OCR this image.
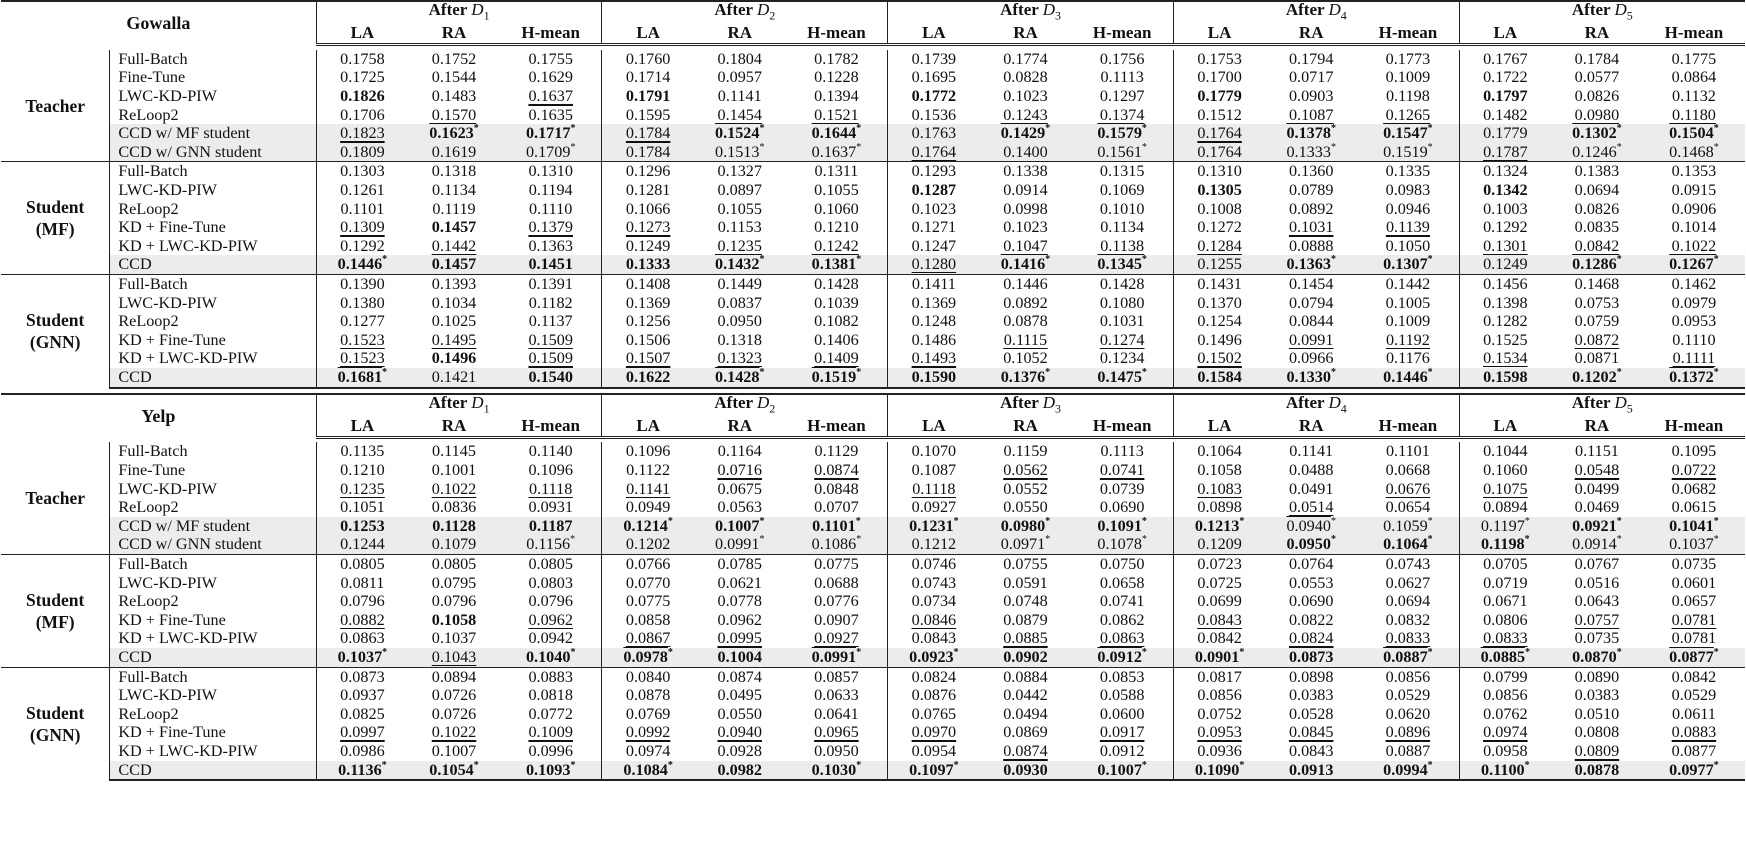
Gowalla		After $D_1$			After $D_2$			After $D_3$			After $D_4$			After $D_5$
		LA	RA	H-mean	LA	RA	H-mean	LA	RA	H-mean	LA	RA	H-mean	LA	RA	H-mean

Teacher	Full-Batch	0.1758	0.1752	0.1755	0.1760	0.1804	0.1782	0.1739	0.1774	0.1756	0.1753	0.1794	0.1773	0.1767	0.1784	0.1775
	Fine-Tune	0.1725	0.1544	0.1629	0.1714	0.0957	0.1228	0.1695	0.0828	0.1113	0.1700	0.0717	0.1009	0.1722	0.0577	0.0864
	LWC-KD-PIW	0.1826	0.1483	0.1637	0.1791	0.1141	0.1394	0.1772	0.1023	0.1297	0.1779	0.0903	0.1198	0.1797	0.0826	0.1132
	ReLoop2	0.1706	0.1570	0.1635	0.1595	0.1454	0.1521	0.1536	0.1243	0.1374	0.1512	0.1087	0.1265	0.1482	0.0980	0.1180
	CCD w/ MF student	0.1823	0.1623*	0.1717*	0.1784	0.1524*	0.1644*	0.1763	0.1429*	0.1579*	0.1764	0.1378*	0.1547*	0.1779	0.1302*	0.1504*
	CCD w/ GNN student	0.1809	0.1619	0.1709*	0.1784	0.1513*	0.1637*	0.1764	0.1400	0.1561*	0.1764	0.1333*	0.1519*	0.1787	0.1246*	0.1468*

Student
(MF)	Full-Batch	0.1303	0.1318	0.1310	0.1296	0.1327	0.1311	0.1293	0.1338	0.1315	0.1310	0.1360	0.1335	0.1324	0.1383	0.1353
	LWC-KD-PIW	0.1261	0.1134	0.1194	0.1281	0.0897	0.1055	0.1287	0.0914	0.1069	0.1305	0.0789	0.0983	0.1342	0.0694	0.0915
	ReLoop2	0.1101	0.1119	0.1110	0.1066	0.1055	0.1060	0.1023	0.0998	0.1010	0.1008	0.0892	0.0946	0.1003	0.0826	0.0906
	KD + Fine-Tune	0.1309	0.1457	0.1379	0.1273	0.1153	0.1210	0.1271	0.1023	0.1134	0.1272	0.1031	0.1139	0.1292	0.0835	0.1014
	KD + LWC-KD-PIW	0.1292	0.1442	0.1363	0.1249	0.1235	0.1242	0.1247	0.1047	0.1138	0.1284	0.0888	0.1050	0.1301	0.0842	0.1022
	CCD	0.1446*	0.1457	0.1451	0.1333	0.1432*	0.1381*	0.1280	0.1416*	0.1345*	0.1255	0.1363*	0.1307*	0.1249	0.1286*	0.1267*

Student
(GNN)	Full-Batch	0.1390	0.1393	0.1391	0.1408	0.1449	0.1428	0.1411	0.1446	0.1428	0.1431	0.1454	0.1442	0.1456	0.1468	0.1462
	LWC-KD-PIW	0.1380	0.1034	0.1182	0.1369	0.0837	0.1039	0.1369	0.0892	0.1080	0.1370	0.0794	0.1005	0.1398	0.0753	0.0979
	ReLoop2	0.1277	0.1025	0.1137	0.1256	0.0950	0.1082	0.1248	0.0878	0.1031	0.1254	0.0844	0.1009	0.1282	0.0759	0.0953
	KD + Fine-Tune	0.1523	0.1495	0.1509	0.1506	0.1318	0.1406	0.1486	0.1115	0.1274	0.1496	0.0991	0.1192	0.1525	0.0872	0.1110
	KD + LWC-KD-PIW	0.1523	0.1496	0.1509	0.1507	0.1323	0.1409	0.1493	0.1052	0.1234	0.1502	0.0966	0.1176	0.1534	0.0871	0.1111
	CCD	0.1681*	0.1421	0.1540	0.1622	0.1428*	0.1519*	0.1590	0.1376*	0.1475*	0.1584	0.1330*	0.1446*	0.1598	0.1202*	0.1372*
Yelp		After $D_1$			After $D_2$			After $D_3$			After $D_4$			After $D_5$
		LA	RA	H-mean	LA	RA	H-mean	LA	RA	H-mean	LA	RA	H-mean	LA	RA	H-mean

Teacher	Full-Batch	0.1135	0.1145	0.1140	0.1096	0.1164	0.1129	0.1070	0.1159	0.1113	0.1064	0.1141	0.1101	0.1044	0.1151	0.1095
	Fine-Tune	0.1210	0.1001	0.1096	0.1122	0.0716	0.0874	0.1087	0.0562	0.0741	0.1058	0.0488	0.0668	0.1060	0.0548	0.0722
	LWC-KD-PIW	0.1235	0.1022	0.1118	0.1141	0.0675	0.0848	0.1118	0.0552	0.0739	0.1083	0.0491	0.0676	0.1075	0.0499	0.0682
	ReLoop2	0.1051	0.0836	0.0931	0.0949	0.0563	0.0707	0.0927	0.0550	0.0690	0.0898	0.0514	0.0654	0.0894	0.0469	0.0615
	CCD w/ MF student	0.1253	0.1128	0.1187	0.1214*	0.1007*	0.1101*	0.1231*	0.0980*	0.1091*	0.1213*	0.0940*	0.1059*	0.1197*	0.0921*	0.1041*
	CCD w/ GNN student	0.1244	0.1079	0.1156*	0.1202	0.0991*	0.1086*	0.1212	0.0971*	0.1078*	0.1209	0.0950*	0.1064*	0.1198*	0.0914*	0.1037*

Student
(MF)	Full-Batch	0.0805	0.0805	0.0805	0.0766	0.0785	0.0775	0.0746	0.0755	0.0750	0.0723	0.0764	0.0743	0.0705	0.0767	0.0735
	LWC-KD-PIW	0.0811	0.0795	0.0803	0.0770	0.0621	0.0688	0.0743	0.0591	0.0658	0.0725	0.0553	0.0627	0.0719	0.0516	0.0601
	ReLoop2	0.0796	0.0796	0.0796	0.0775	0.0778	0.0776	0.0734	0.0748	0.0741	0.0699	0.0690	0.0694	0.0671	0.0643	0.0657
	KD + Fine-Tune	0.0882	0.1058	0.0962	0.0858	0.0962	0.0907	0.0846	0.0879	0.0862	0.0843	0.0822	0.0832	0.0806	0.0757	0.0781
	KD + LWC-KD-PIW	0.0863	0.1037	0.0942	0.0867	0.0995	0.0927	0.0843	0.0885	0.0863	0.0842	0.0824	0.0833	0.0833	0.0735	0.0781
	CCD	0.1037*	0.1043	0.1040*	0.0978*	0.1004	0.0991*	0.0923*	0.0902	0.0912*	0.0901*	0.0873	0.0887*	0.0885*	0.0870*	0.0877*

Student
(GNN)	Full-Batch	0.0873	0.0894	0.0883	0.0840	0.0874	0.0857	0.0824	0.0884	0.0853	0.0817	0.0898	0.0856	0.0799	0.0890	0.0842
	LWC-KD-PIW	0.0937	0.0726	0.0818	0.0878	0.0495	0.0633	0.0876	0.0442	0.0588	0.0856	0.0383	0.0529	0.0856	0.0383	0.0529
	ReLoop2	0.0825	0.0726	0.0772	0.0769	0.0550	0.0641	0.0765	0.0494	0.0600	0.0752	0.0528	0.0620	0.0762	0.0510	0.0611
	KD + Fine-Tune	0.0997	0.1022	0.1009	0.0992	0.0940	0.0965	0.0970	0.0869	0.0917	0.0953	0.0845	0.0896	0.0974	0.0808	0.0883
	KD + LWC-KD-PIW	0.0986	0.1007	0.0996	0.0974	0.0928	0.0950	0.0954	0.0874	0.0912	0.0936	0.0843	0.0887	0.0958	0.0809	0.0877
	CCD	0.1136*	0.1054*	0.1093*	0.1084*	0.0982	0.1030*	0.1097*	0.0930	0.1007*	0.1090*	0.0913	0.0994*	0.1100*	0.0878	0.0977*
